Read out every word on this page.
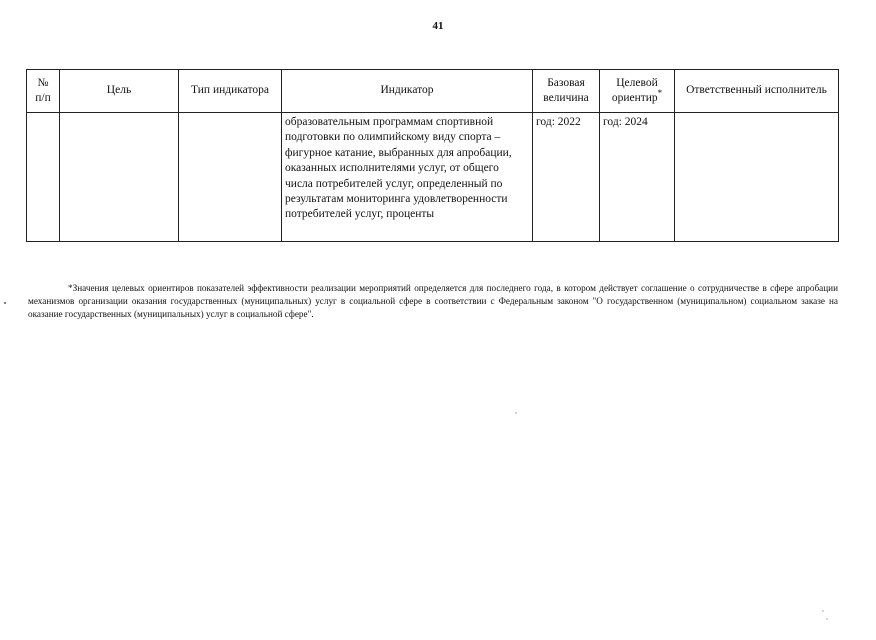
41
№
п/п	Цель	Тип индикатора	Индикатор	Базовая величина	Целевой ориентир*	Ответственный исполнитель
			образовательным программам спортивной подготовки по олимпийскому виду спорта – фигурное катание, выбранных для апробации, оказанных исполнителями услуг, от общего числа потребителей услуг, определенный по результатам мониторинга удовлетворенности потребителей услуг, проценты	год: 2022	год: 2024	
*Значения целевых ориентиров показателей эффективности реализации мероприятий определяется для последнего года, в котором действует соглашение о сотрудничестве в сфере апробации механизмов организации оказания государственных (муниципальных) услуг в социальной сфере в соответствии с Федеральным законом "О государственном (муниципальном) социальном заказе на оказание государственных (муниципальных) услуг в социальной сфере".
